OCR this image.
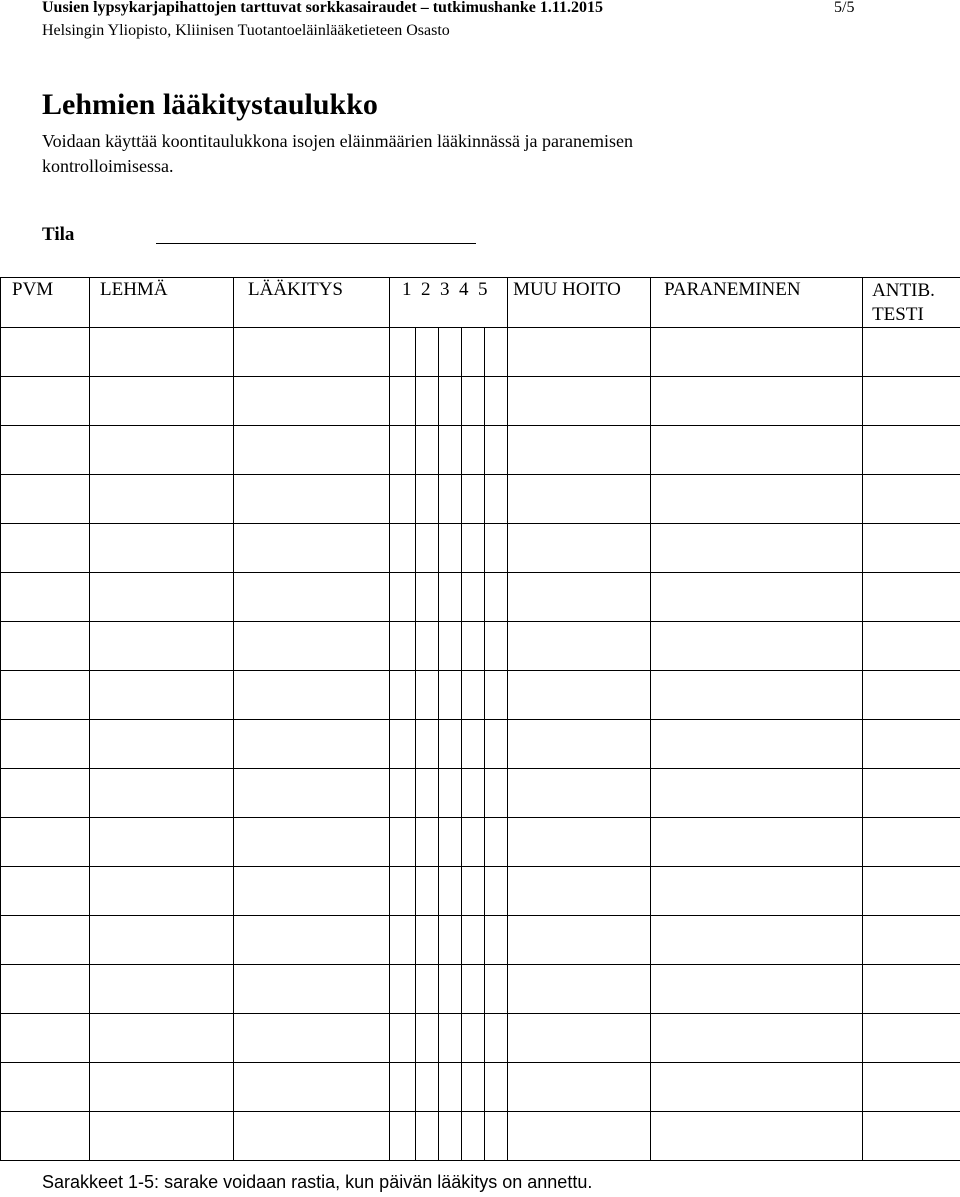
Uusien lypsykarjapihattojen tarttuvat sorkkasairaudet – tutkimushanke 1.11.2015	5/5
Helsingin Yliopisto, Kliinisen Tuotantoeläinlääketieteen Osasto
Lehmien lääkitystaulukko
Voidaan käyttää koontitaulukkona isojen eläinmäärien lääkinnässä ja paranemisen kontrolloimisessa.
Tila
PVM	LEHMÄ	LÄÄKITYS	1  2  3  4  5					MUU HOITO	PARANEMINEN	ANTIB. TESTI

Sarakkeet 1-5: sarake voidaan rastia, kun päivän lääkitys on annettu.
